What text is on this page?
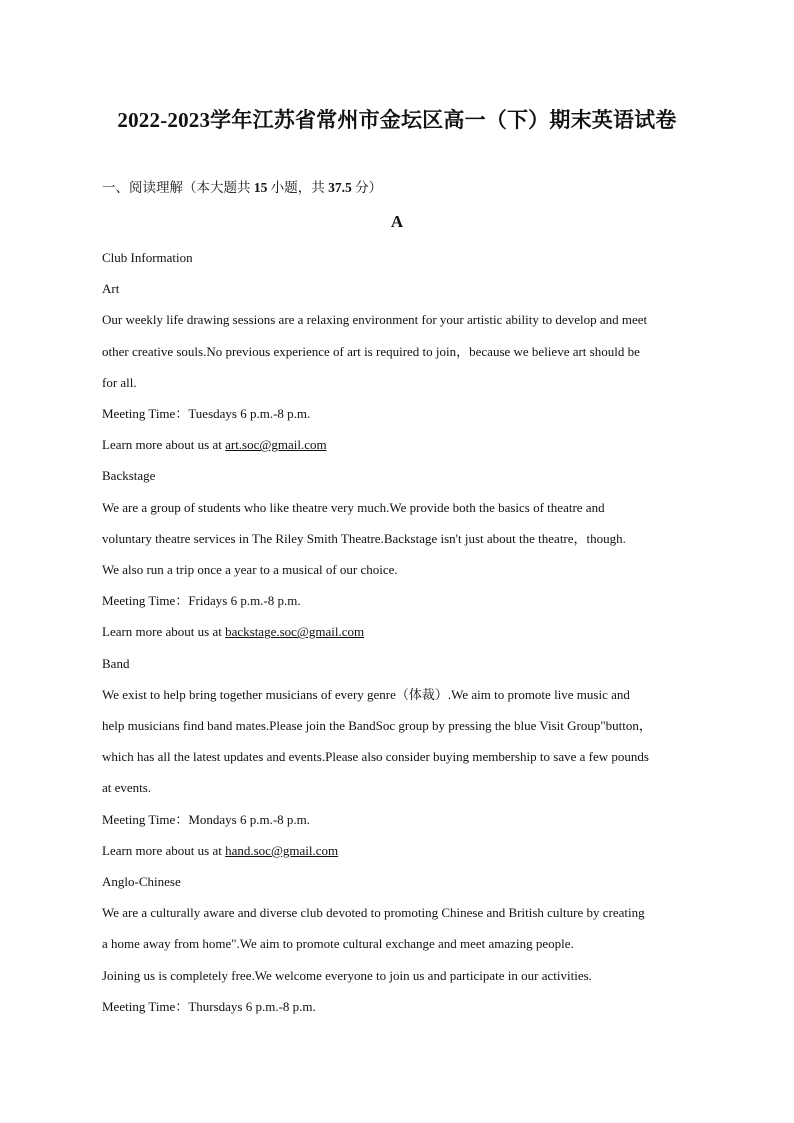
2022-2023学年江苏省常州市金坛区高一（下）期末英语试卷
一、阅读理解（本大题共 15 小题，共 37.5 分）
A
Club Information
Art
Our weekly life drawing sessions are a relaxing environment for your artistic ability to develop and meet
other creative souls.No previous experience of art is required to join，because we believe art should be
for all.
Meeting Time：Tuesdays 6 p.m.-8 p.m.
Learn more about us at art.soc@gmail.com
Backstage
We are a group of students who like theatre very much.We provide both the basics of theatre and
voluntary theatre services in The Riley Smith Theatre.Backstage isn't just about the theatre，though.
We also run a trip once a year to a musical of our choice.
Meeting Time：Fridays 6 p.m.-8 p.m.
Learn more about us at backstage.soc@gmail.com
Band
We exist to help bring together musicians of every genre（体裁）.We aim to promote live music and
help musicians find band mates.Please join the BandSoc group by pressing the blue Visit Group"button，
which has all the latest updates and events.Please also consider buying membership to save a few pounds
at events.
Meeting Time：Mondays 6 p.m.-8 p.m.
Learn more about us at hand.soc@gmail.com
Anglo-Chinese
We are a culturally aware and diverse club devoted to promoting Chinese and British culture by creating
a home away from home".We aim to promote cultural exchange and meet amazing people.
Joining us is completely free.We welcome everyone to join us and participate in our activities.
Meeting Time：Thursdays 6 p.m.-8 p.m.
